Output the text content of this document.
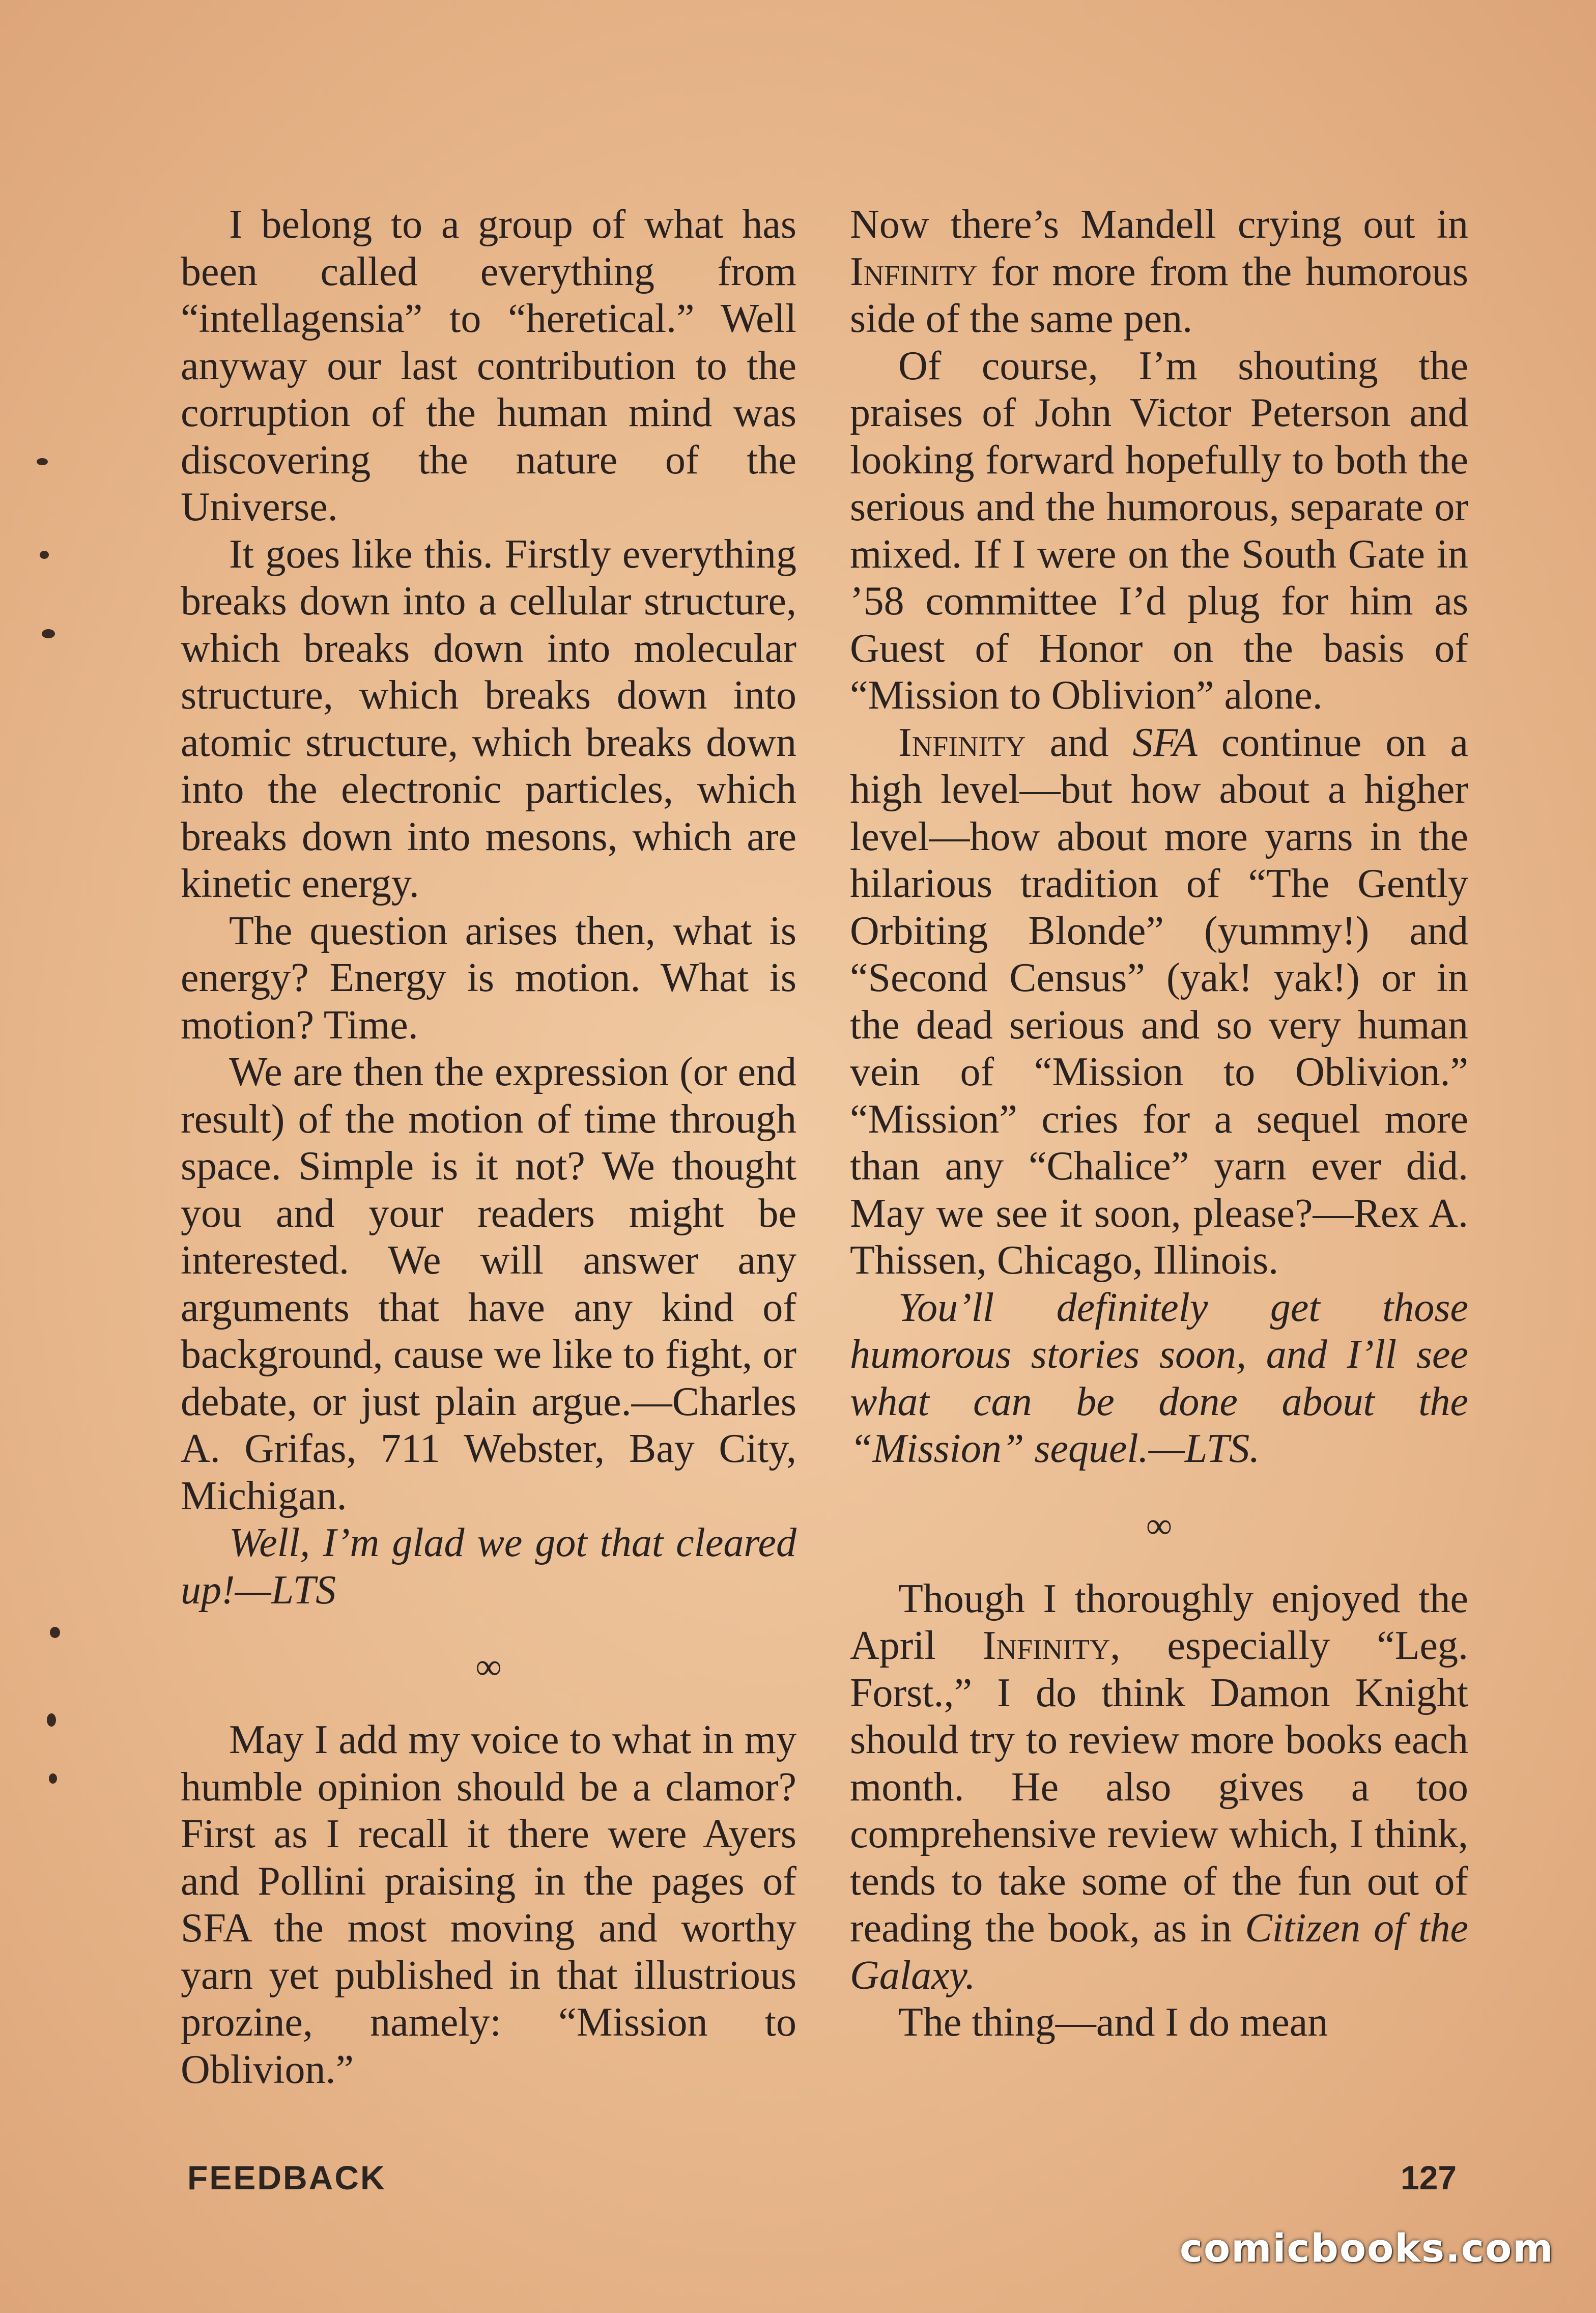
I belong to a group of what has been called everything from “intellagensia” to “heretical.” Well anyway our last contribution to the corruption of the human mind was discovering the nature of the Universe.

It goes like this. Firstly everything breaks down into a cellular structure, which breaks down into molecular structure, which breaks down into atomic structure, which breaks down into the electronic particles, which breaks down into mesons, which are kinetic energy.

The question arises then, what is energy? Energy is motion. What is motion? Time.

We are then the expression (or end result) of the motion of time through space. Simple is it not? We thought you and your readers might be interested. We will answer any arguments that have any kind of background, cause we like to fight, or debate, or just plain argue.—Charles A. Grifas, 711 Webster, Bay City, Michigan.

Well, I’m glad we got that cleared up!—LTS

∞

May I add my voice to what in my humble opinion should be a clamor? First as I recall it there were Ayers and Pollini praising in the pages of SFA the most moving and worthy yarn yet published in that illustrious prozine, namely: “Mission to Oblivion.”

Now there’s Mandell crying out in Infinity for more from the humorous side of the same pen.

Of course, I’m shouting the praises of John Victor Peterson and looking forward hopefully to both the serious and the humorous, separate or mixed. If I were on the South Gate in ’58 committee I’d plug for him as Guest of Honor on the basis of “Mission to Oblivion” alone.

Infinity and SFA continue on a high level—but how about a higher level—how about more yarns in the hilarious tradition of “The Gently Orbiting Blonde” (yummy!) and “Second Census” (yak! yak!) or in the dead serious and so very human vein of “Mission to Oblivion.” “Mission” cries for a sequel more than any “Chalice” yarn ever did. May we see it soon, please?—Rex A. Thissen, Chicago, Illinois.

You’ll definitely get those humorous stories soon, and I’ll see what can be done about the “Mission” sequel.—LTS.

∞

Though I thoroughly enjoyed the April Infinity, especially “Leg. Forst.,” I do think Damon Knight should try to review more books each month. He also gives a too comprehensive review which, I think, tends to take some of the fun out of reading the book, as in Citizen of the Galaxy.

The thing—and I do mean

FEEDBACK	127
comicbooks.com
